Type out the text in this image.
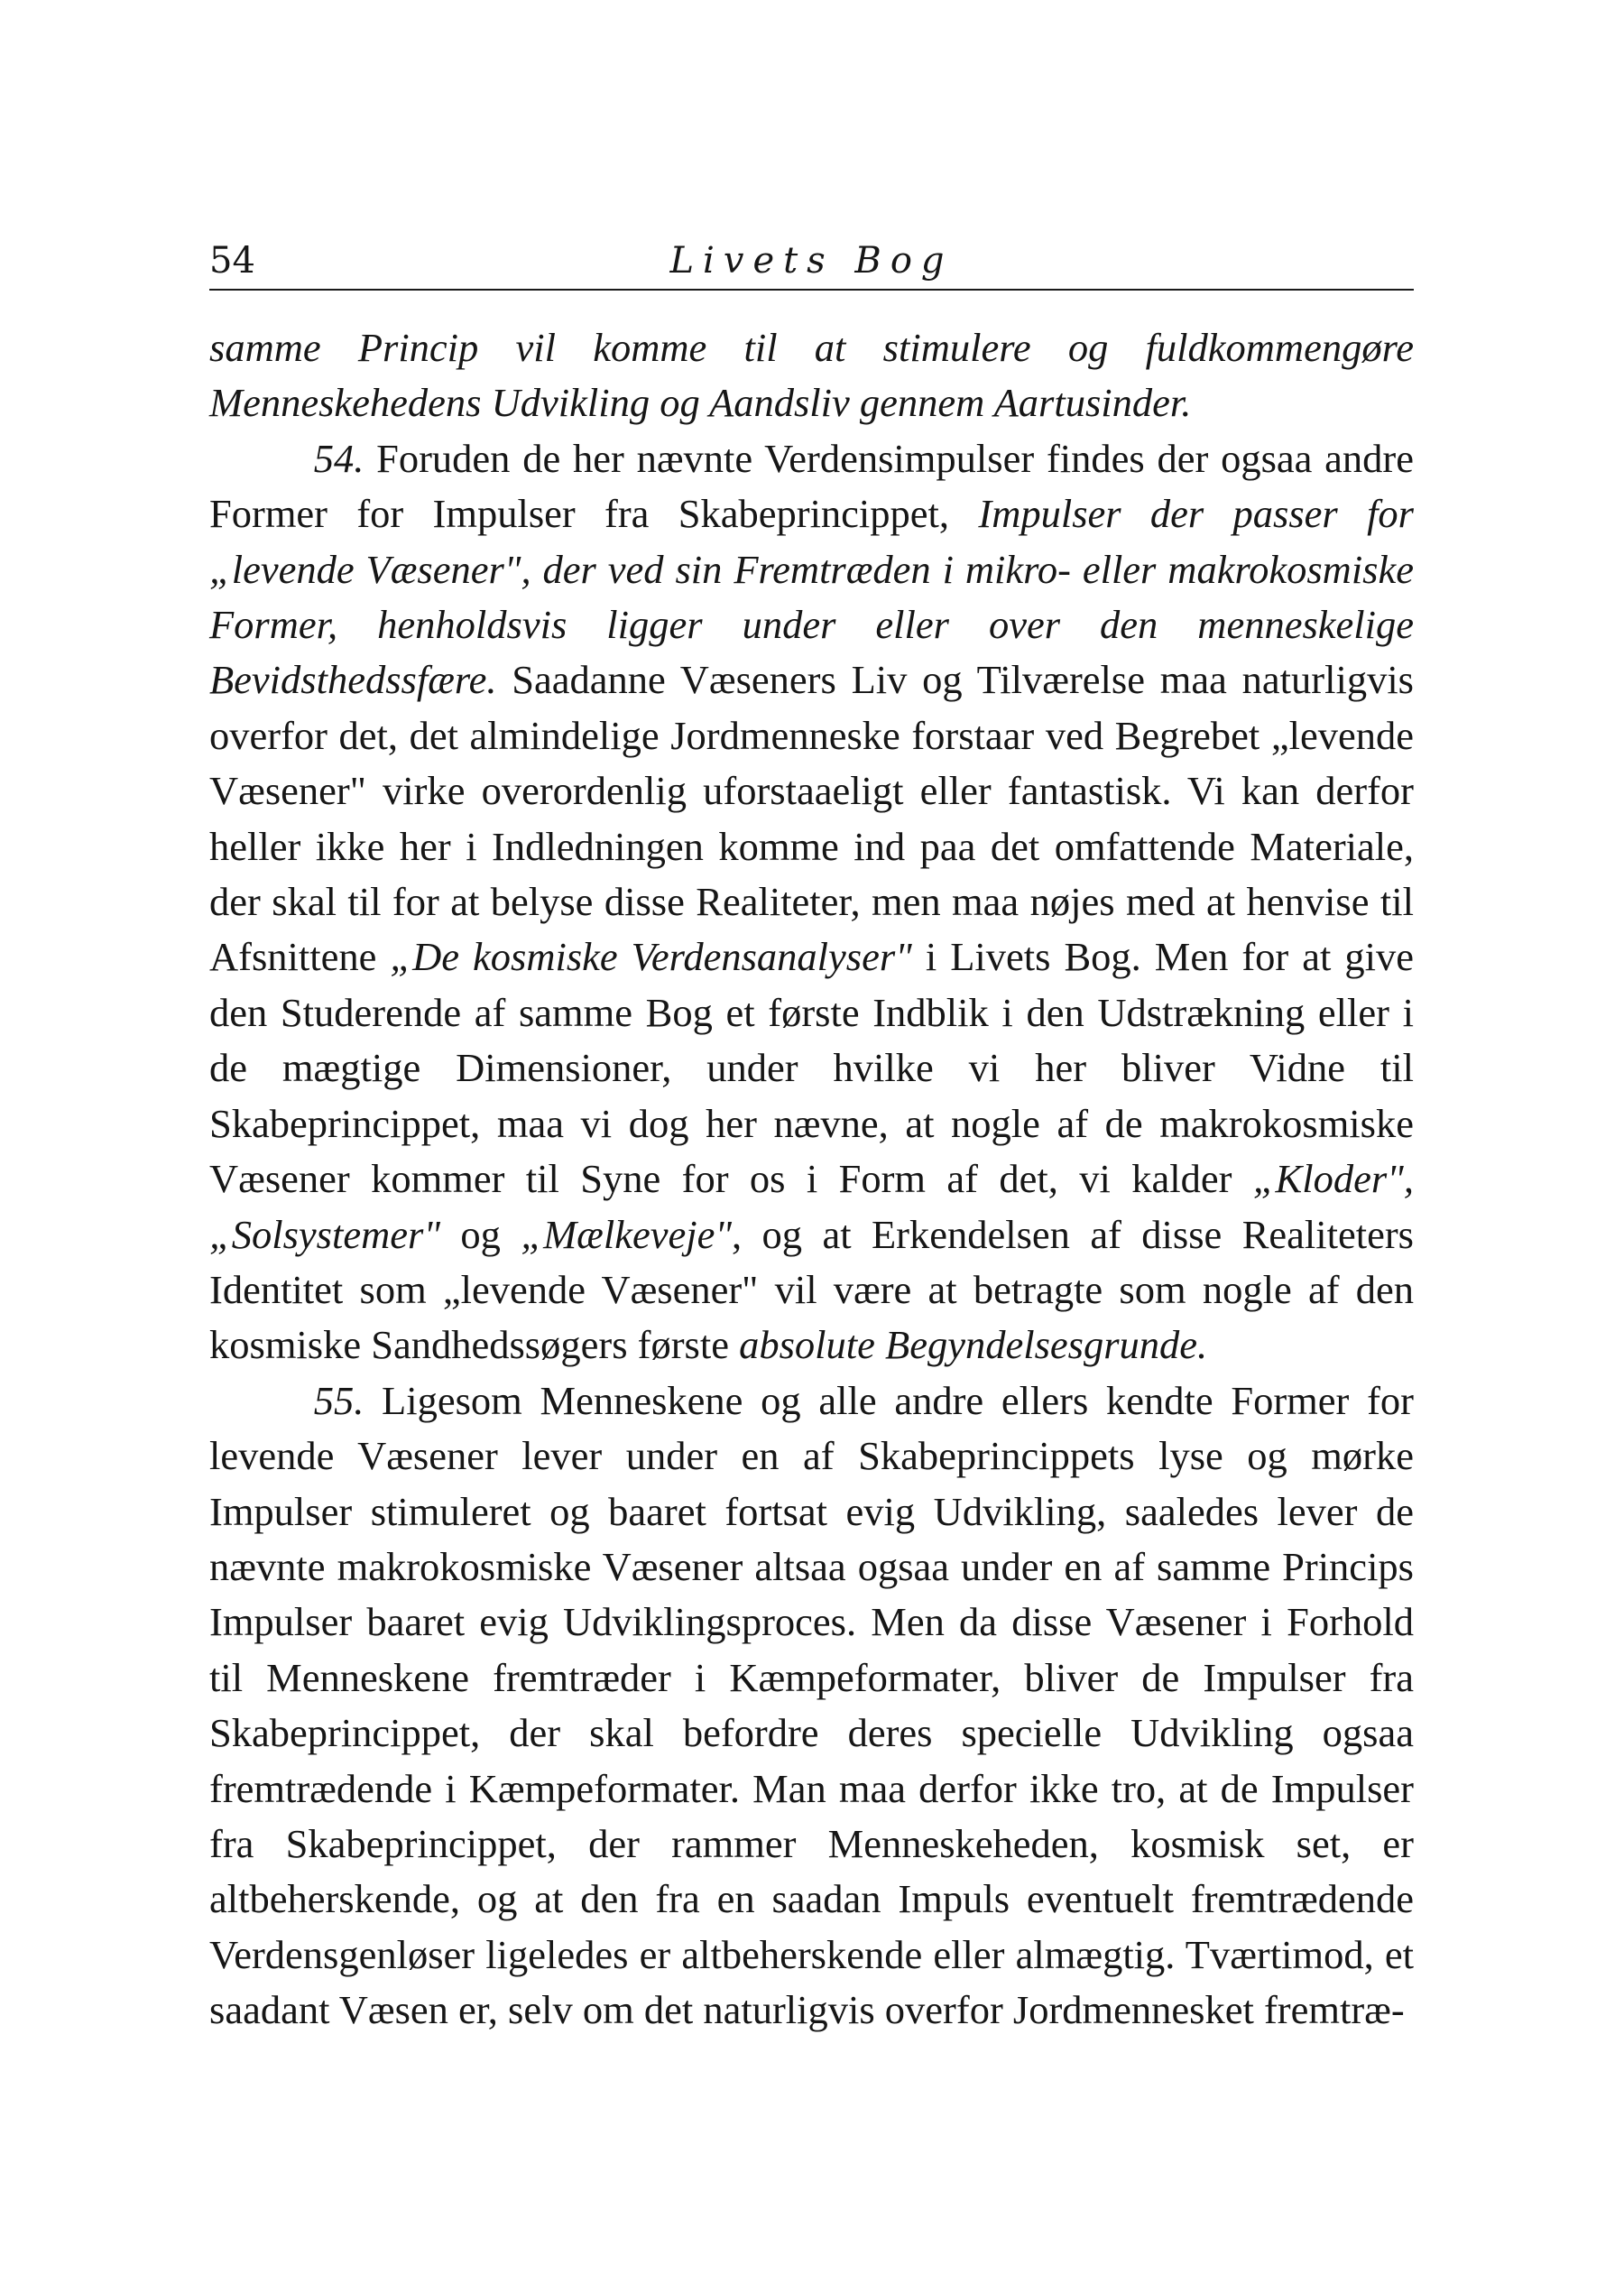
54	Livets Bog

samme Princip vil komme til at stimulere og fuldkommengøre Menneskehedens Udvikling og Aandsliv gennem Aartusinder.

54. Foruden de her nævnte Verdensimpulser findes der ogsaa andre Former for Impulser fra Skabeprincippet, Impulser der passer for „levende Væsener", der ved sin Fremtræden i mikro- eller makrokosmiske Former, henholdsvis ligger under eller over den menneskelige Bevidsthedssfære. Saadanne Væseners Liv og Tilværelse maa naturligvis overfor det, det almindelige Jordmenneske forstaar ved Begrebet „levende Væsener" virke overordenlig uforstaaeligt eller fantastisk. Vi kan derfor heller ikke her i Indledningen komme ind paa det omfattende Materiale, der skal til for at belyse disse Realiteter, men maa nøjes med at henvise til Afsnittene „De kosmiske Verdensanalyser" i Livets Bog. Men for at give den Studerende af samme Bog et første Indblik i den Udstrækning eller i de mægtige Dimensioner, under hvilke vi her bliver Vidne til Skabeprincippet, maa vi dog her nævne, at nogle af de makrokosmiske Væsener kommer til Syne for os i Form af det, vi kalder „Kloder", „Solsystemer" og „Mælkeveje", og at Erkendelsen af disse Realiteters Identitet som „levende Væsener" vil være at betragte som nogle af den kosmiske Sandhedssøgers første absolute Begyndelsesgrunde.

55. Ligesom Menneskene og alle andre ellers kendte Former for levende Væsener lever under en af Skabeprincippets lyse og mørke Impulser stimuleret og baaret fortsat evig Udvikling, saaledes lever de nævnte makrokosmiske Væsener altsaa ogsaa under en af samme Princips Impulser baaret evig Udviklingsproces. Men da disse Væsener i Forhold til Menneskene fremtræder i Kæmpeformater, bliver de Impulser fra Skabeprincippet, der skal befordre deres specielle Udvikling ogsaa fremtrædende i Kæmpeformater. Man maa derfor ikke tro, at de Impulser fra Skabeprincippet, der rammer Menneskeheden, kosmisk set, er altbeherskende, og at den fra en saadan Impuls eventuelt fremtrædende Verdensgenløser ligeledes er altbeherskende eller almægtig. Tværtimod, et saadant Væsen er, selv om det naturligvis overfor Jordmennesket fremtræ-
